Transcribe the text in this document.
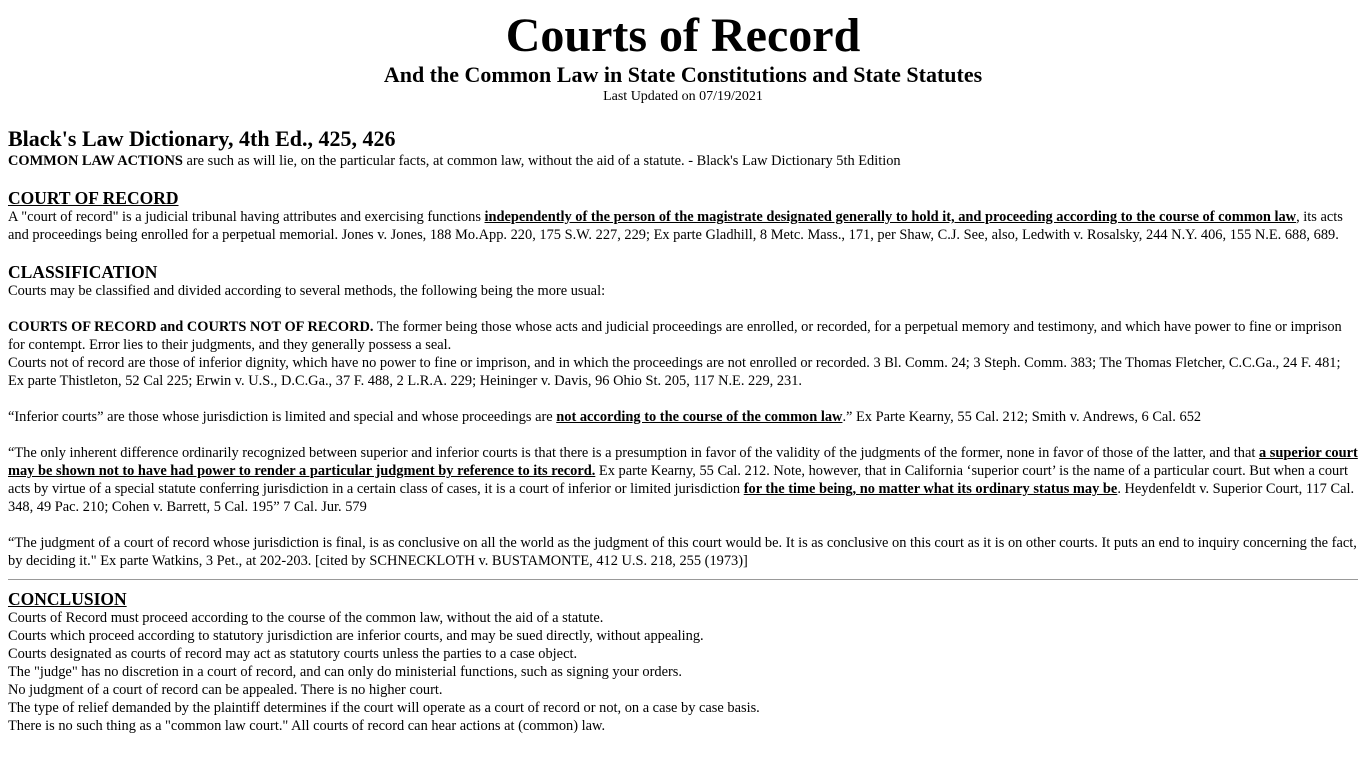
Courts of Record
And the Common Law in State Constitutions and State Statutes
Last Updated on 07/19/2021
Black's Law Dictionary, 4th Ed., 425, 426

COMMON LAW ACTIONS are such as will lie, on the particular facts, at common law, without the aid of a statute. - Black's Law Dictionary 5th Edition

COURT OF RECORD

A "court of record" is a judicial tribunal having attributes and exercising functions independently of the person of the magistrate designated generally to hold it, and proceeding according to the course of common law, its acts and proceedings being enrolled for a perpetual memorial. Jones v. Jones, 188 Mo.App. 220, 175 S.W. 227, 229; Ex parte Gladhill, 8 Metc. Mass., 171, per Shaw, C.J. See, also, Ledwith v. Rosalsky, 244 N.Y. 406, 155 N.E. 688, 689.

CLASSIFICATION

Courts may be classified and divided according to several methods, the following being the more usual:

COURTS OF RECORD and COURTS NOT OF RECORD. The former being those whose acts and judicial proceedings are enrolled, or recorded, for a perpetual memory and testimony, and which have power to fine or imprison for contempt. Error lies to their judgments, and they generally possess a seal.

Courts not of record are those of inferior dignity, which have no power to fine or imprison, and in which the proceedings are not enrolled or recorded. 3 Bl. Comm. 24; 3 Steph. Comm. 383; The Thomas Fletcher, C.C.Ga., 24 F. 481; Ex parte Thistleton, 52 Cal 225; Erwin v. U.S., D.C.Ga., 37 F. 488, 2 L.R.A. 229; Heininger v. Davis, 96 Ohio St. 205, 117 N.E. 229, 231.

“Inferior courts” are those whose jurisdiction is limited and special and whose proceedings are not according to the course of the common law.” Ex Parte Kearny, 55 Cal. 212; Smith v. Andrews, 6 Cal. 652

“The only inherent difference ordinarily recognized between superior and inferior courts is that there is a presumption in favor of the validity of the judgments of the former, none in favor of those of the latter, and that a superior court may be shown not to have had power to render a particular judgment by reference to its record. Ex parte Kearny, 55 Cal. 212. Note, however, that in California ‘superior court’ is the name of a particular court. But when a court acts by virtue of a special statute conferring jurisdiction in a certain class of cases, it is a court of inferior or limited jurisdiction for the time being, no matter what its ordinary status may be. Heydenfeldt v. Superior Court, 117 Cal. 348, 49 Pac. 210; Cohen v. Barrett, 5 Cal. 195” 7 Cal. Jur. 579

“The judgment of a court of record whose jurisdiction is final, is as conclusive on all the world as the judgment of this court would be. It is as conclusive on this court as it is on other courts. It puts an end to inquiry concerning the fact, by deciding it." Ex parte Watkins, 3 Pet., at 202-203. [cited by SCHNECKLOTH v. BUSTAMONTE, 412 U.S. 218, 255 (1973)]

CONCLUSION
Courts of Record must proceed according to the course of the common law, without the aid of a statute.
Courts which proceed according to statutory jurisdiction are inferior courts, and may be sued directly, without appealing.
Courts designated as courts of record may act as statutory courts unless the parties to a case object.
The "judge" has no discretion in a court of record, and can only do ministerial functions, such as signing your orders.
No judgment of a court of record can be appealed. There is no higher court.
The type of relief demanded by the plaintiff determines if the court will operate as a court of record or not, on a case by case basis.
There is no such thing as a "common law court." All courts of record can hear actions at (common) law.
